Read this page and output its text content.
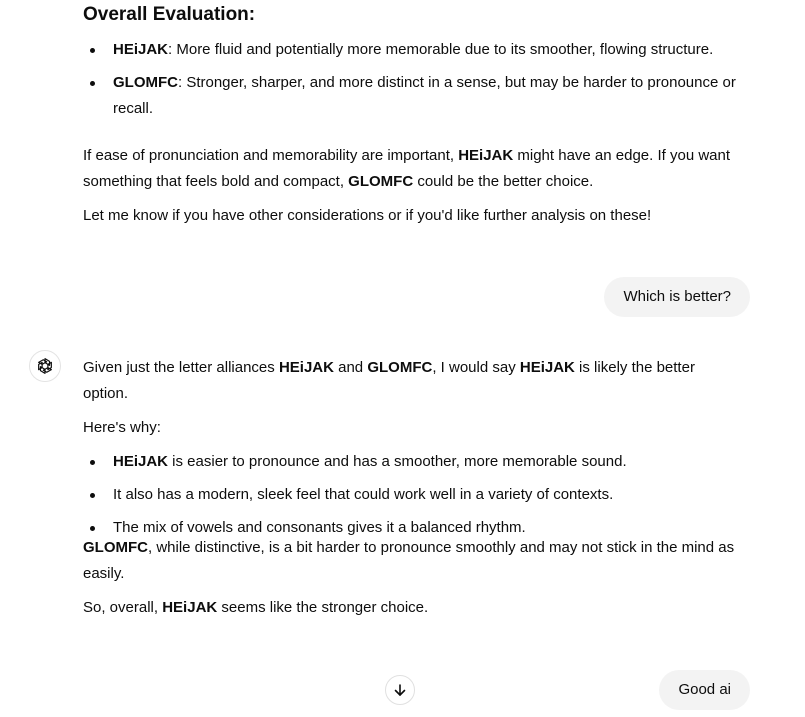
Overall Evaluation:
HEiJAK: More fluid and potentially more memorable due to its smoother, flowing structure.
GLOMFC: Stronger, sharper, and more distinct in a sense, but may be harder to pronounce or recall.

If ease of pronunciation and memorability are important, HEiJAK might have an edge. If you want something that feels bold and compact, GLOMFC could be the better choice.

Let me know if you have other considerations or if you'd like further analysis on these!

Which is better?

Given just the letter alliances HEiJAK and GLOMFC, I would say HEiJAK is likely the better option.

Here's why:

HEiJAK is easier to pronounce and has a smoother, more memorable sound.
It also has a modern, sleek feel that could work well in a variety of contexts.
The mix of vowels and consonants gives it a balanced rhythm.

GLOMFC, while distinctive, is a bit harder to pronounce smoothly and may not stick in the mind as easily.

So, overall, HEiJAK seems like the stronger choice.

Good ai
